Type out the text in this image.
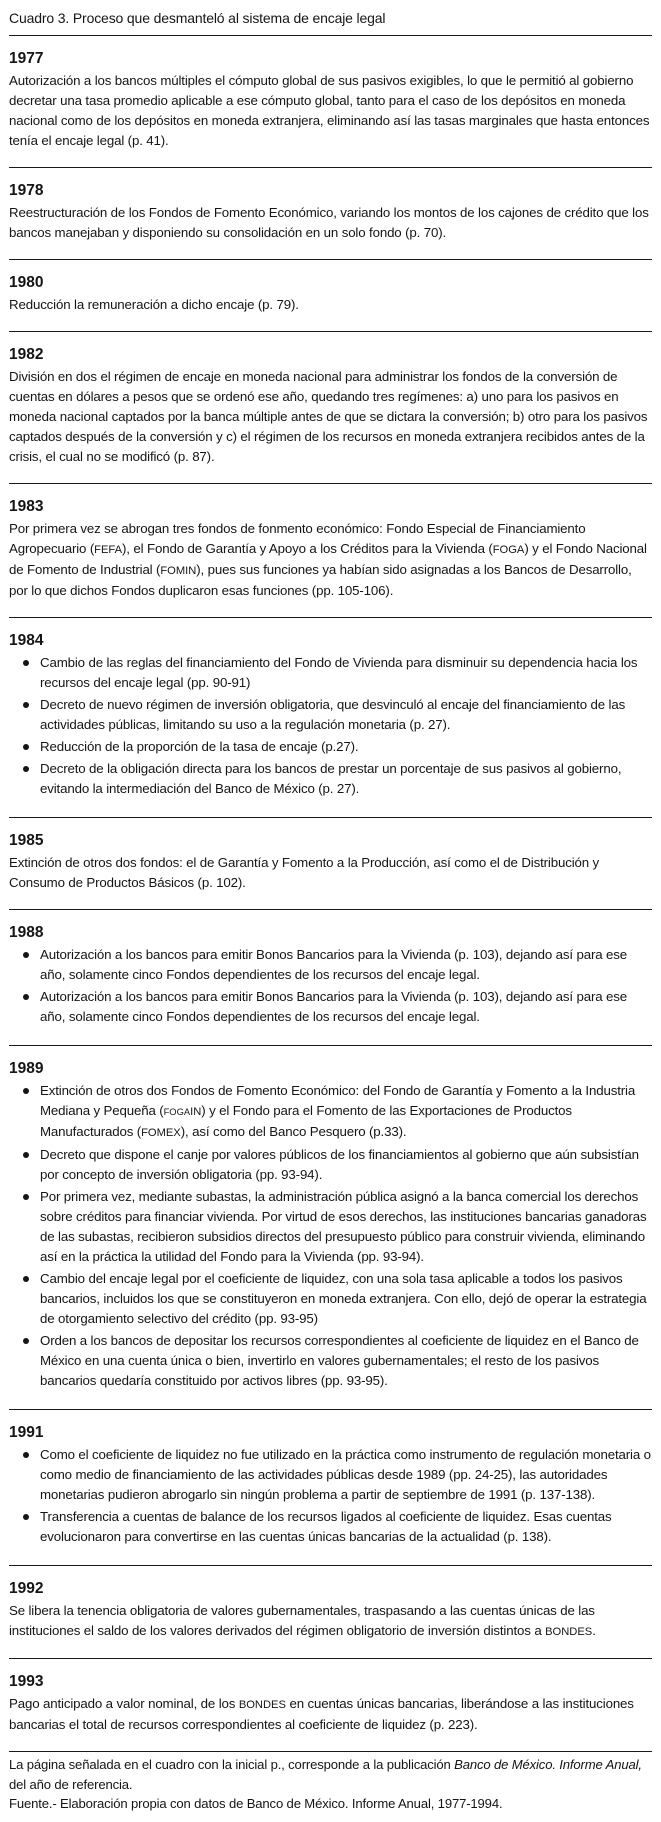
Cuadro 3. Proceso que desmanteló al sistema de encaje legal
1977

Autorización a los bancos múltiples el cómputo global de sus pasivos exigibles, lo que le permitió al gobierno decretar una tasa promedio aplicable a ese cómputo global, tanto para el caso de los depósitos en moneda nacional como de los depósitos en moneda extranjera, eliminando así las tasas marginales que hasta entonces tenía el encaje legal (p. 41).

1978

Reestructuración de los Fondos de Fomento Económico, variando los montos de los cajones de crédito que los bancos manejaban y disponiendo su consolidación en un solo fondo (p. 70).

1980

Reducción la remuneración a dicho encaje (p. 79).

1982

División en dos el régimen de encaje en moneda nacional para administrar los fondos de la conversión de cuentas en dólares a pesos que se ordenó ese año, quedando tres regímenes: a) uno para los pasivos en moneda nacional captados por la banca múltiple antes de que se dictara la conversión; b) otro para los pasivos captados después de la conversión y c) el régimen de los recursos en moneda extranjera recibidos antes de la crisis, el cual no se modificó (p. 87).

1983

Por primera vez se abrogan tres fondos de fonmento económico: Fondo Especial de Financiamiento Agropecuario (FEFA), el Fondo de Garantía y Apoyo a los Créditos para la Vivienda (FOGA) y el Fondo Nacional de Fomento de Industrial (FOMIN), pues sus funciones ya habían sido asignadas a los Bancos de Desarrollo, por lo que dichos Fondos duplicaron esas funciones (pp. 105-106).

1984
Cambio de las reglas del financiamiento del Fondo de Vivienda para disminuir su dependencia hacia los recursos del encaje legal (pp. 90-91)
Decreto de nuevo régimen de inversión obligatoria, que desvinculó al encaje del financiamiento de las actividades públicas, limitando su uso a la regulación monetaria (p. 27).
Reducción de la proporción de la tasa de encaje (p.27).
Decreto de la obligación directa para los bancos de prestar un porcentaje de sus pasivos al gobierno, evitando la intermediación del Banco de México (p. 27).
1985

Extinción de otros dos fondos: el de Garantía y Fomento a la Producción, así como el de Distribución y Consumo de Productos Básicos (p. 102).

1988
Autorización a los bancos para emitir Bonos Bancarios para la Vivienda (p. 103), dejando así para ese año, solamente cinco Fondos dependientes de los recursos del encaje legal.
Autorización a los bancos para emitir Bonos Bancarios para la Vivienda (p. 103), dejando así para ese año, solamente cinco Fondos dependientes de los recursos del encaje legal.
1989
Extinción de otros dos Fondos de Fomento Económico: del Fondo de Garantía y Fomento a la Industria Mediana y Pequeña (FOGAIN) y el Fondo para el Fomento de las Exportaciones de Productos Manufacturados (FOMEX), así como del Banco Pesquero (p.33).
Decreto que dispone el canje por valores públicos de los financiamientos al gobierno que aún subsistían por concepto de inversión obligatoria (pp. 93-94).
Por primera vez, mediante subastas, la administración pública asignó a la banca comercial los derechos sobre créditos para financiar vivienda. Por virtud de esos derechos, las instituciones bancarias ganadoras de las subastas, recibieron subsidios directos del presupuesto público para construir vivienda, eliminando así en la práctica la utilidad del Fondo para la Vivienda (pp. 93-94).
Cambio del encaje legal por el coeficiente de liquidez, con una sola tasa aplicable a todos los pasivos bancarios, incluidos los que se constituyeron en moneda extranjera. Con ello, dejó de operar la estrategia de otorgamiento selectivo del crédito (pp. 93-95)
Orden a los bancos de depositar los recursos correspondientes al coeficiente de liquidez en el Banco de México en una cuenta única o bien, invertirlo en valores gubernamentales; el resto de los pasivos bancarios quedaría constituido por activos libres (pp. 93-95).
1991
Como el coeficiente de liquidez no fue utilizado en la práctica como instrumento de regulación monetaria o como medio de financiamiento de las actividades públicas desde 1989 (pp. 24-25), las autoridades monetarias pudieron abrogarlo sin ningún problema a partir de septiembre de 1991 (p. 137-138).
Transferencia a cuentas de balance de los recursos ligados al coeficiente de liquidez. Esas cuentas evolucionaron para convertirse en las cuentas únicas bancarias de la actualidad (p. 138).
1992

Se libera la tenencia obligatoria de valores gubernamentales, traspasando a las cuentas únicas de las instituciones el saldo de los valores derivados del régimen obligatorio de inversión distintos a BONDES.

1993

Pago anticipado a valor nominal, de los BONDES en cuentas únicas bancarias, liberándose a las instituciones bancarias el total de recursos correspondientes al coeficiente de liquidez (p. 223).

La página señalada en el cuadro con la inicial p., corresponde a la publicación Banco de México. Informe Anual, del año de referencia.

Fuente.- Elaboración propia con datos de Banco de México. Informe Anual, 1977-1994.
